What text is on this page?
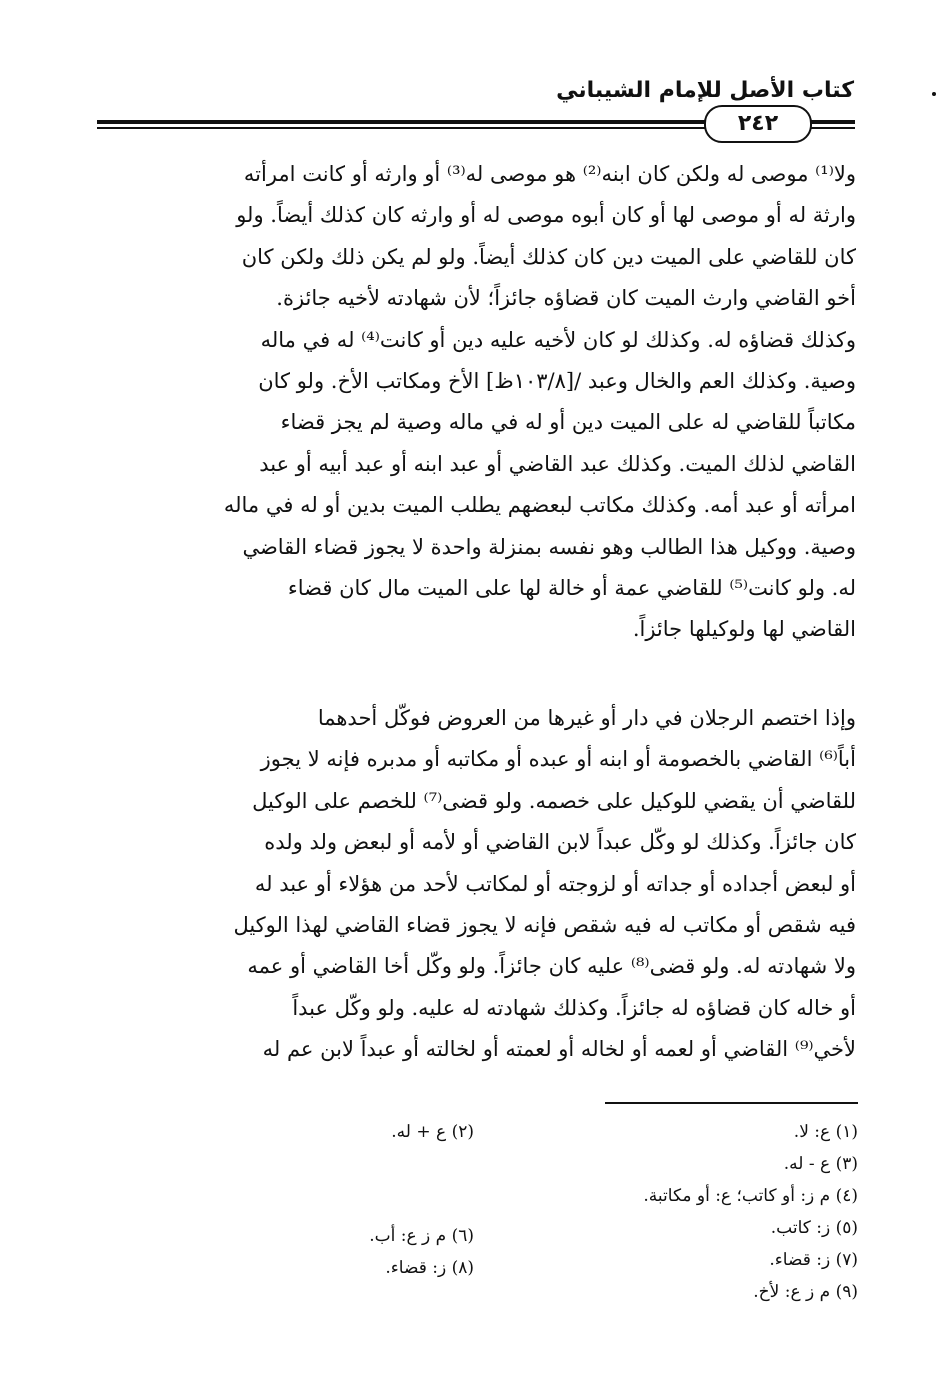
كتاب الأصل للإمام الشيباني
٢٤٢
ولا⁽¹⁾ موصى له ولكن كان ابنه⁽²⁾ هو موصى له⁽³⁾ أو وارثه أو كانت امرأته
وارثة له أو موصى لها أو كان أبوه موصى له أو وارثه كان كذلك أيضاً. ولو
كان للقاضي على الميت دين كان كذلك أيضاً. ولو لم يكن ذلك ولكن كان
أخو القاضي وارث الميت كان قضاؤه جائزاً؛ لأن شهادته لأخيه جائزة.
وكذلك قضاؤه له. وكذلك لو كان لأخيه عليه دين أو كانت⁽⁴⁾ له في ماله
وصية. وكذلك العم والخال وعبد /[١٠٣/٨ظ] الأخ ومكاتب الأخ. ولو كان
مكاتباً للقاضي له على الميت دين أو له في ماله وصية لم يجز قضاء
القاضي لذلك الميت. وكذلك عبد القاضي أو عبد ابنه أو عبد أبيه أو عبد
امرأته أو عبد أمه. وكذلك مكاتب لبعضهم يطلب الميت بدين أو له في ماله
وصية. ووكيل هذا الطالب وهو نفسه بمنزلة واحدة لا يجوز قضاء القاضي
له. ولو كانت⁽⁵⁾ للقاضي عمة أو خالة لها على الميت مال كان قضاء
القاضي لها ولوكيلها جائزاً.
وإذا اختصم الرجلان في دار أو غيرها من العروض فوكّل أحدهما
أباً⁽⁶⁾ القاضي بالخصومة أو ابنه أو عبده أو مكاتبه أو مدبره فإنه لا يجوز
للقاضي أن يقضي للوكيل على خصمه. ولو قضى⁽⁷⁾ للخصم على الوكيل
كان جائزاً. وكذلك لو وكّل عبداً لابن القاضي أو لأمه أو لبعض ولد ولده
أو لبعض أجداده أو جداته أو لزوجته أو لمكاتب لأحد من هؤلاء أو عبد له
فيه شقص أو مكاتب له فيه شقص فإنه لا يجوز قضاء القاضي لهذا الوكيل
ولا شهادته له. ولو قضى⁽⁸⁾ عليه كان جائزاً. ولو وكّل أخا القاضي أو عمه
أو خاله كان قضاؤه له جائزاً. وكذلك شهادته له عليه. ولو وكّل عبداً
لأخي⁽⁹⁾ القاضي أو لعمه أو لخاله أو لعمته أو لخالته أو عبداً لابن عم له
(١) ع: لا.
(٢) ع + له.
(٣) ع - له.
(٤) م ز: أو كاتب؛ ع: أو مكاتبة.
(٥) ز: كاتب.
(٦) م ز ع: أب.
(٧) ز: قضاء.
(٨) ز: قضاء.
(٩) م ز ع: لأخ.
